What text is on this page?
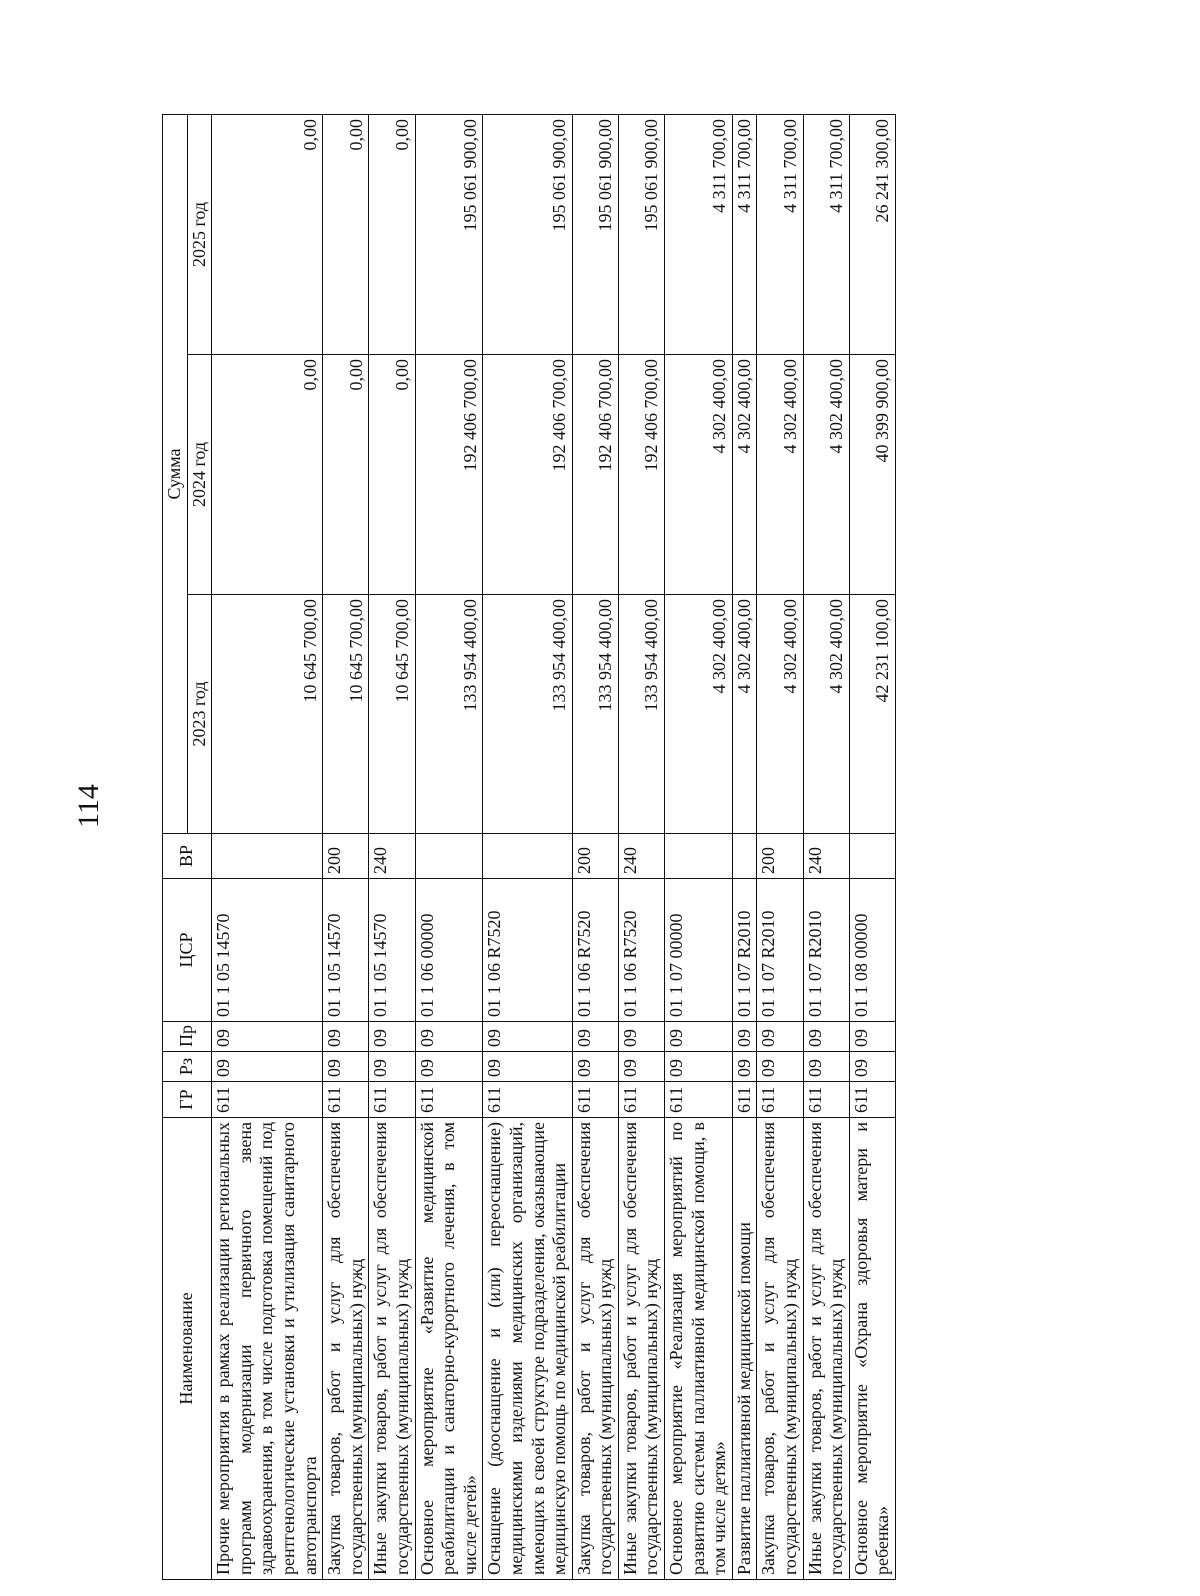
114
Наименование	ГР	Рз	Пр	ЦСР	ВР	Сумма		
						2023 год	2024 год	2025 год
Прочие мероприятия в рамках реализации региональных программ модернизации первичного звена здравоохранения, в том числе подготовка помещений под рентгенологические установки и утилизация санитарного автотранспорта	611	09	09	01 1 05 14570		10 645 700,00	0,00	0,00
Закупка товаров, работ и услуг для обеспечения государственных (муниципальных) нужд	611	09	09	01 1 05 14570	200	10 645 700,00	0,00	0,00
Иные закупки товаров, работ и услуг для обеспечения государственных (муниципальных) нужд	611	09	09	01 1 05 14570	240	10 645 700,00	0,00	0,00
Основное мероприятие «Развитие медицинской реабилитации и санаторно-курортного лечения, в том числе детей»	611	09	09	01 1 06 00000		133 954 400,00	192 406 700,00	195 061 900,00
Оснащение (дооснащение и (или) переоснащение) медицинскими изделиями медицинских организаций, имеющих в своей структуре подразделения, оказывающие медицинскую помощь по медицинской реабилитации	611	09	09	01 1 06 R7520		133 954 400,00	192 406 700,00	195 061 900,00
Закупка товаров, работ и услуг для обеспечения государственных (муниципальных) нужд	611	09	09	01 1 06 R7520	200	133 954 400,00	192 406 700,00	195 061 900,00
Иные закупки товаров, работ и услуг для обеспечения государственных (муниципальных) нужд	611	09	09	01 1 06 R7520	240	133 954 400,00	192 406 700,00	195 061 900,00
Основное мероприятие «Реализация мероприятий по развитию системы паллиативной медицинской помощи, в том числе детям»	611	09	09	01 1 07 00000		4 302 400,00	4 302 400,00	4 311 700,00
Развитие паллиативной медицинской помощи	611	09	09	01 1 07 R2010		4 302 400,00	4 302 400,00	4 311 700,00
Закупка товаров, работ и услуг для обеспечения государственных (муниципальных) нужд	611	09	09	01 1 07 R2010	200	4 302 400,00	4 302 400,00	4 311 700,00
Иные закупки товаров, работ и услуг для обеспечения государственных (муниципальных) нужд	611	09	09	01 1 07 R2010	240	4 302 400,00	4 302 400,00	4 311 700,00
Основное мероприятие «Охрана здоровья матери и ребенка»	611	09	09	01 1 08 00000		42 231 100,00	40 399 900,00	26 241 300,00
